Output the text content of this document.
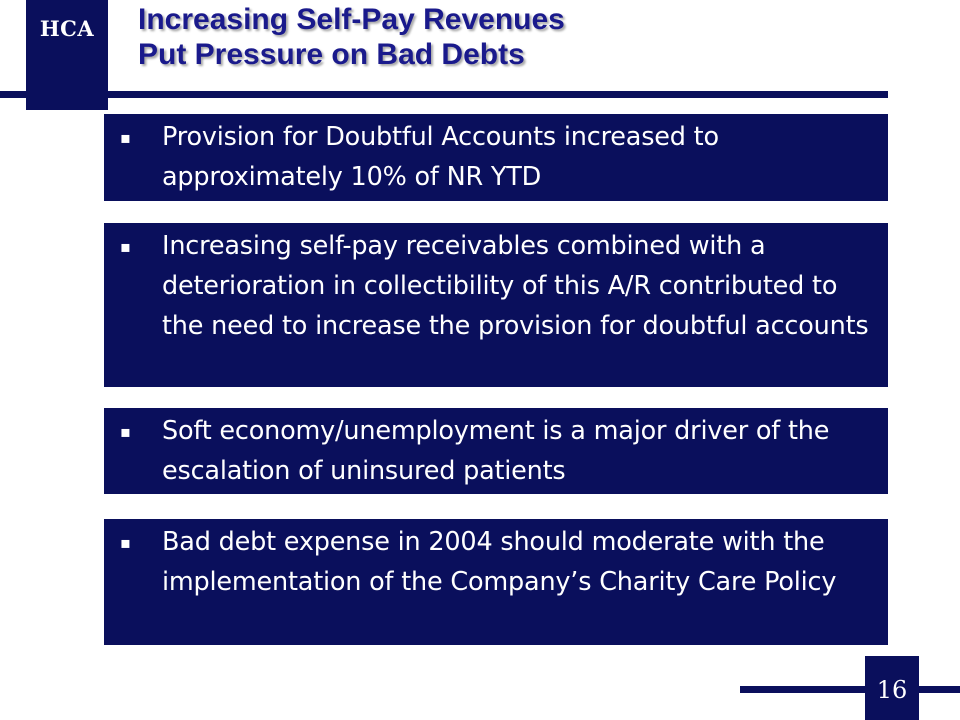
HCA	Increasing Self-Pay Revenues
Put Pressure on Bad Debts
▪	Provision for Doubtful Accounts increased to approximately 10% of NR YTD
▪	Increasing self-pay receivables combined with a deterioration in collectibility of this A/R contributed to the need to increase the provision for doubtful accounts
▪	Soft economy/unemployment is a major driver of the escalation of uninsured patients
▪	Bad debt expense in 2004 should moderate with the implementation of the Company’s Charity Care Policy
16
